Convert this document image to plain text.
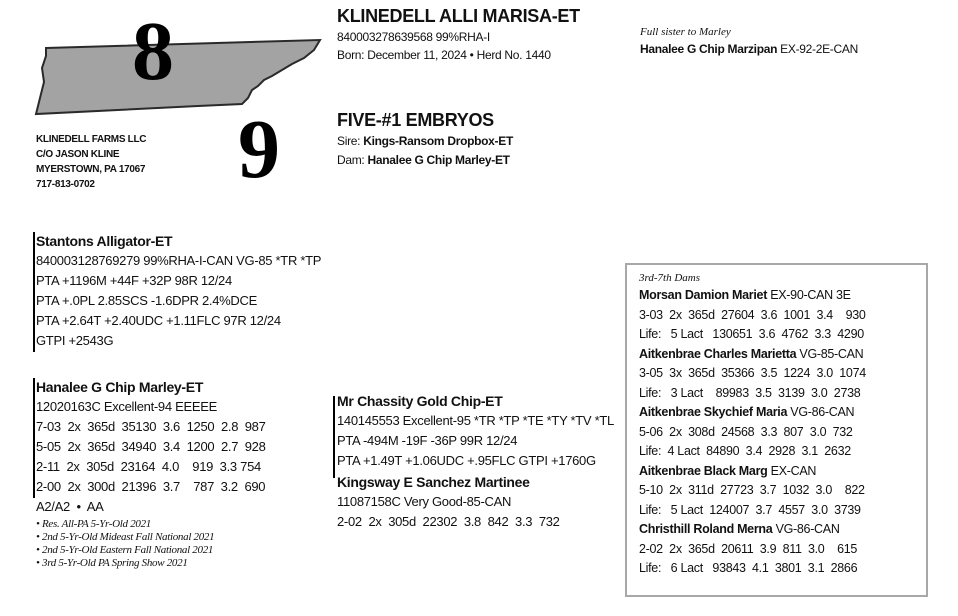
8
9
KLINEDELL FARMS LLC
C/O JASON KLINE
MYERSTOWN, PA 17067
717-813-0702
KLINEDELL ALLI MARISA-ET
840003278639568 99%RHA-I
Born: December 11, 2024 • Herd No. 1440
Full sister to Marley
Hanalee G Chip Marzipan EX-92-2E-CAN
FIVE-#1 EMBRYOS
Sire: Kings-Ransom Dropbox-ET
Dam: Hanalee G Chip Marley-ET
Stantons Alligator-ET
840003128769279 99%RHA-I-CAN VG-85 *TR *TP
PTA +1196M +44F +32P 98R 12/24
PTA +.0PL 2.85SCS -1.6DPR 2.4%DCE
PTA +2.64T +2.40UDC +1.11FLC 97R 12/24
GTPI +2543G
Hanalee G Chip Marley-ET
12020163C Excellent-94 EEEEE
7-03  2x  365d  35130  3.6  1250  2.8  987
5-05  2x  365d  34940  3.4  1200  2.7  928
2-11  2x  305d  23164  4.0    919  3.3 754
2-00  2x  300d  21396  3.7    787  3.2  690
A2/A2  •  AA
• Res. All-PA 5-Yr-Old 2021
• 2nd 5-Yr-Old Mideast Fall National 2021
• 2nd 5-Yr-Old Eastern Fall National 2021
• 3rd 5-Yr-Old PA Spring Show 2021
Mr Chassity Gold Chip-ET
140145553 Excellent-95 *TR *TP *TE *TY *TV *TL
PTA -494M -19F -36P 99R 12/24
PTA +1.49T +1.06UDC +.95FLC GTPI +1760G
Kingsway E Sanchez Martinee
11087158C Very Good-85-CAN
2-02  2x  305d  22302  3.8  842  3.3  732
3rd-7th Dams
Morsan Damion Mariet EX-90-CAN 3E
3-03  2x  365d  27604  3.6  1001  3.4    930
Life:   5 Lact   130651  3.6  4762  3.3  4290
Aitkenbrae Charles Marietta VG-85-CAN
3-05  3x  365d  35366  3.5  1224  3.0  1074
Life:   3 Lact    89983  3.5  3139  3.0  2738
Aitkenbrae Skychief Maria VG-86-CAN
5-06  2x  308d  24568  3.3  807  3.0  732
Life:  4 Lact  84890  3.4  2928  3.1  2632
Aitkenbrae Black Marg EX-CAN
5-10  2x  311d  27723  3.7  1032  3.0    822
Life:   5 Lact  124007  3.7  4557  3.0  3739
Christhill Roland Merna VG-86-CAN
2-02  2x  365d  20611  3.9  811  3.0    615
Life:   6 Lact   93843  4.1  3801  3.1  2866
